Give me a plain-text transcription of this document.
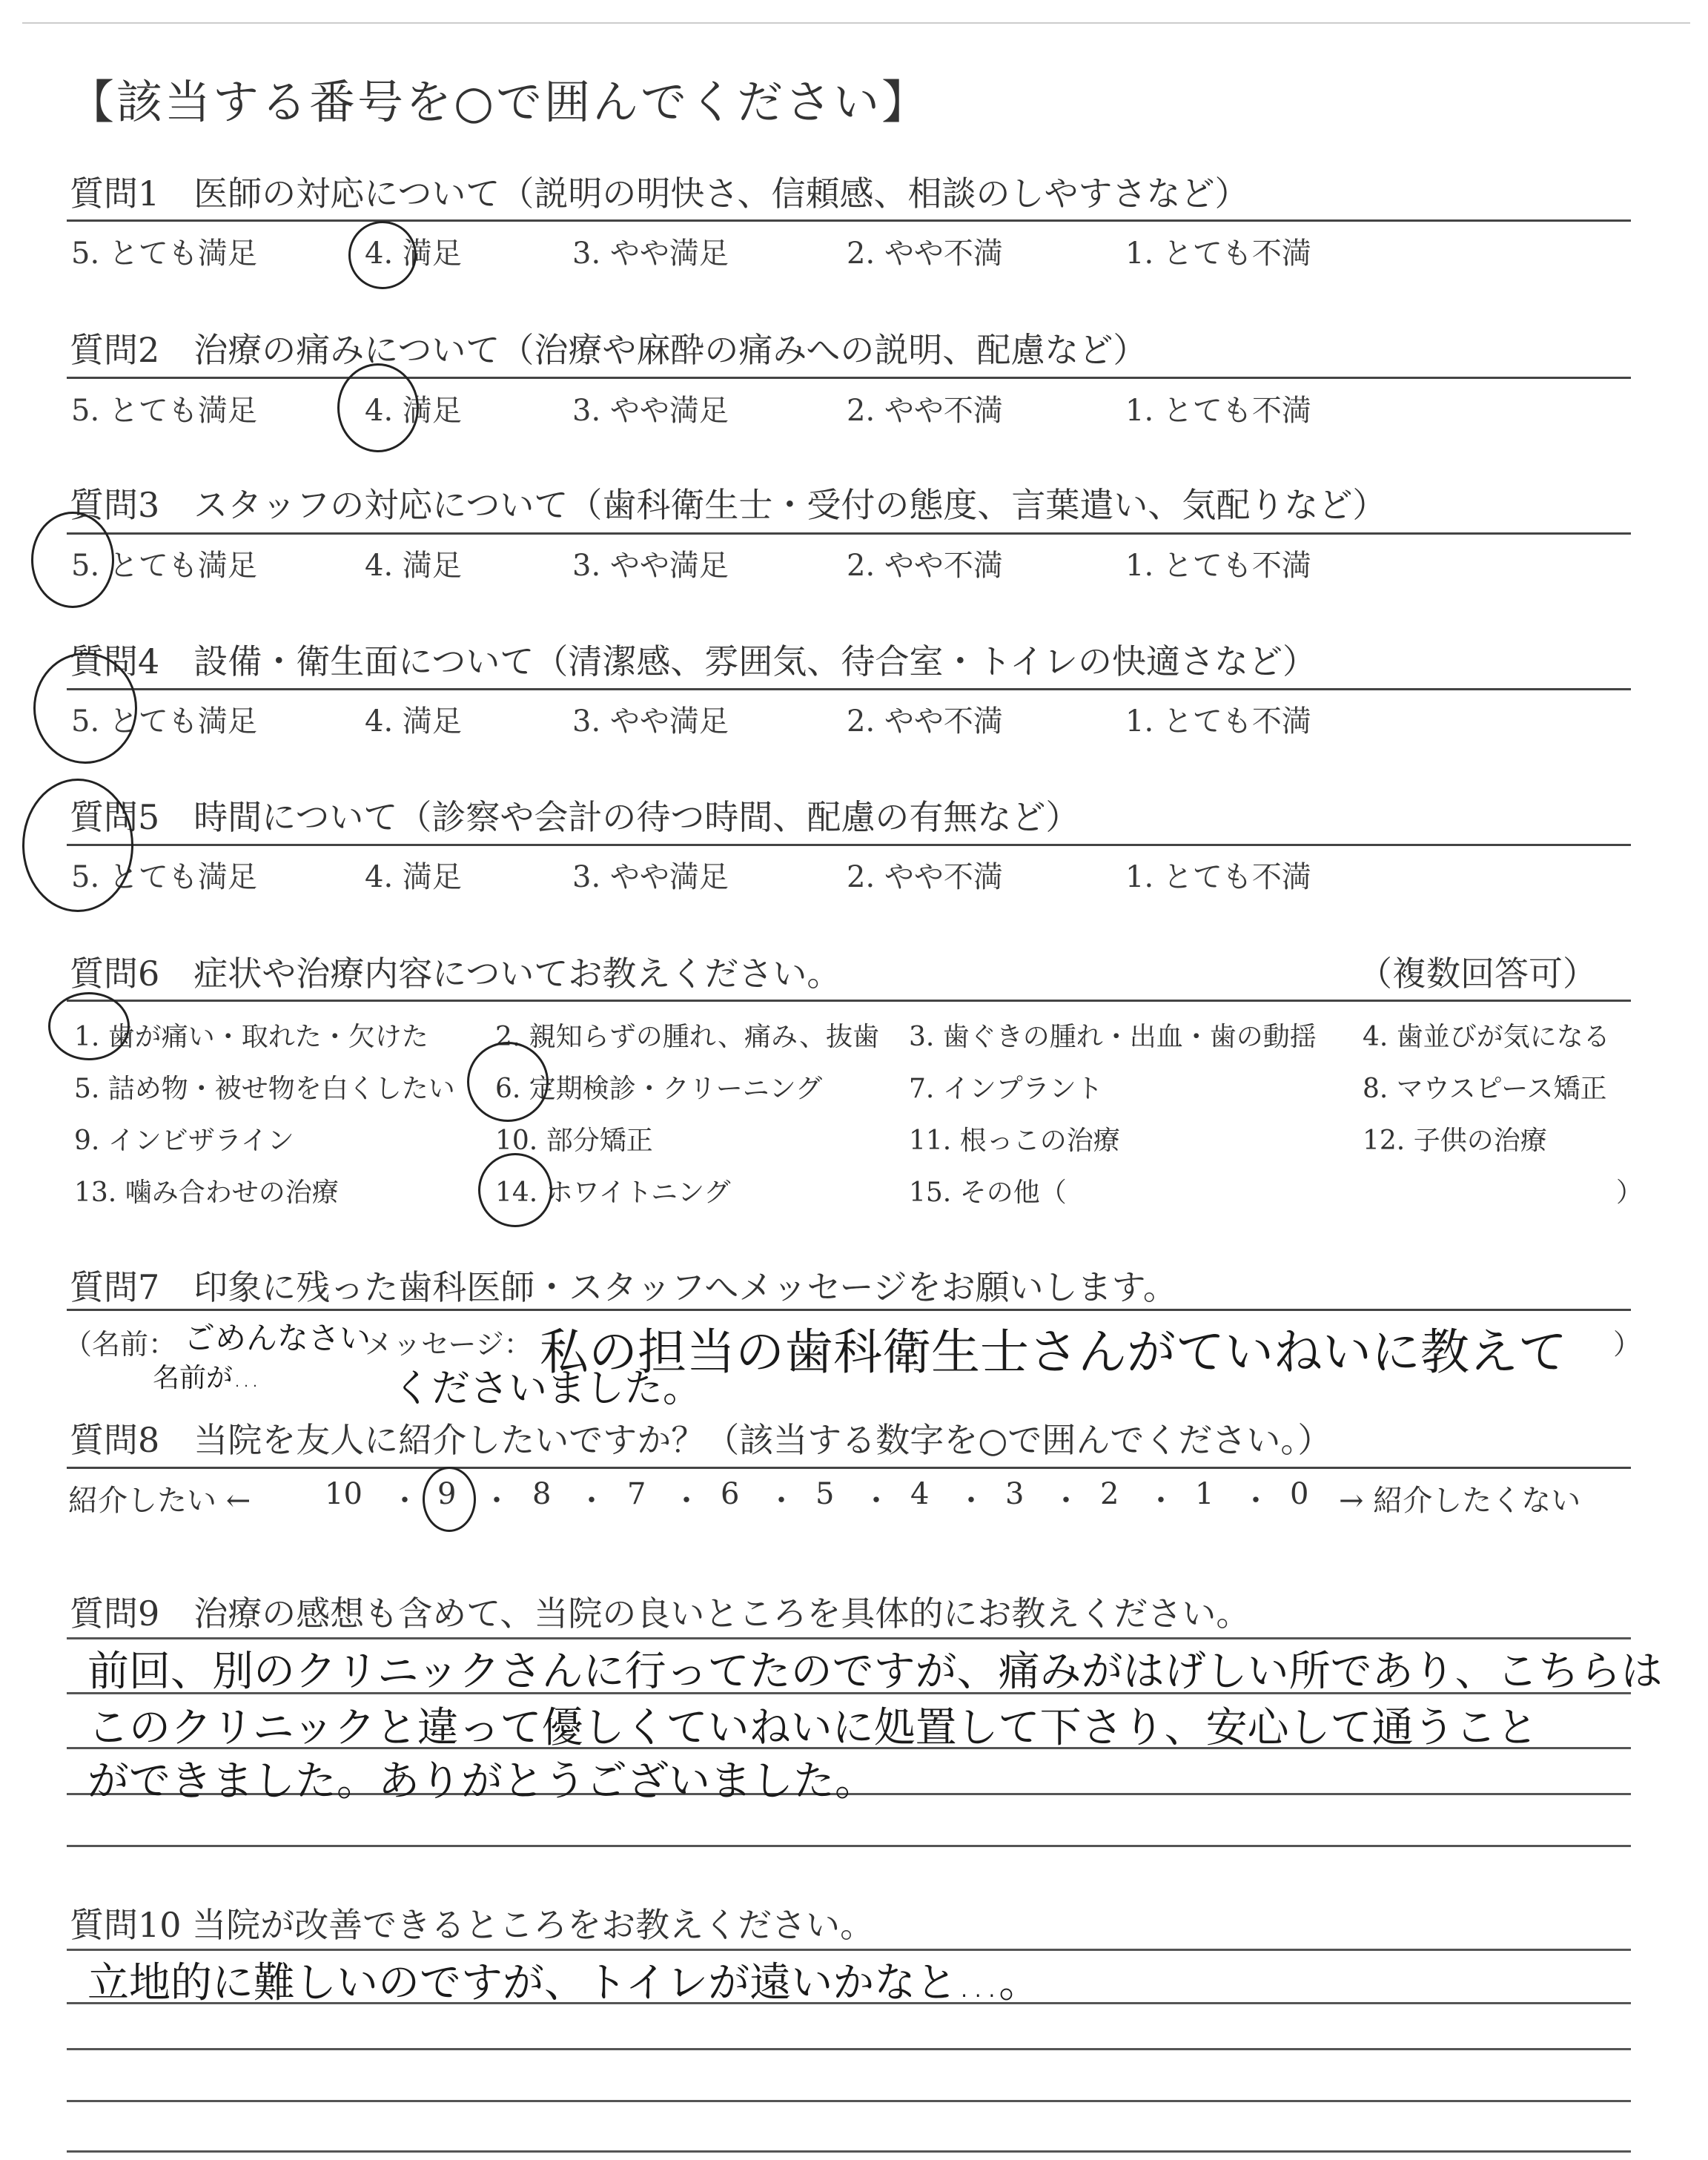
【該当する番号を○で囲んでください】
質問1　医師の対応について（説明の明快さ、信頼感、相談のしやすさなど）
5. とても満足	4. 満足	3. やや満足	2. やや不満	1. とても不満
質問2　治療の痛みについて（治療や麻酔の痛みへの説明、配慮など）
5. とても満足	4. 満足	3. やや満足	2. やや不満	1. とても不満
質問3　スタッフの対応について（歯科衛生士・受付の態度、言葉遣い、気配りなど）
5. とても満足	4. 満足	3. やや満足	2. やや不満	1. とても不満
質問4　設備・衛生面について（清潔感、雰囲気、待合室・トイレの快適さなど）
5. とても満足	4. 満足	3. やや満足	2. やや不満	1. とても不満
質問5　時間について（診察や会計の待つ時間、配慮の有無など）
5. とても満足	4. 満足	3. やや満足	2. やや不満	1. とても不満
質問6　症状や治療内容についてお教えください。	（複数回答可）
1. 歯が痛い・取れた・欠けた	2. 親知らずの腫れ、痛み、抜歯 3. 歯ぐきの腫れ・出血・歯の動揺 4. 歯並びが気になる
5. 詰め物・被せ物を白くしたい 6. 定期検診・クリーニング	7. インプラント	8. マウスピース矯正
9. インビザライン	10. 部分矯正	11. 根っこの治療	12. 子供の治療
13. 噛み合わせの治療	14. ホワイトニング	15. その他（	）
質問7　印象に残った歯科医師・スタッフへメッセージをお願いします。
（名前： ごめんなさい
名前が…
メッセージ： 私の担当の歯科衛生士さんがていねいに教えて
くださいました。
）
質問8　当院を友人に紹介したいですか？（該当する数字を○で囲んでください。）
紹介したい ← 10 ・ 9 ・ 8 ・ 7 ・ 6 ・ 5 ・ 4 ・ 3 ・ 2 ・ 1 ・ 0 → 紹介したくない
質問9　治療の感想も含めて、当院の良いところを具体的にお教えください。
前回、別のクリニックさんに行ってたのですが、痛みがはげしい所であり、こちらは
このクリニックと違って優しくていねいに処置して下さり、安心して通うこと
ができました。ありがとうございました。
質問10 当院が改善できるところをお教えください。
立地的に難しいのですが、トイレが遠いかなと…。
